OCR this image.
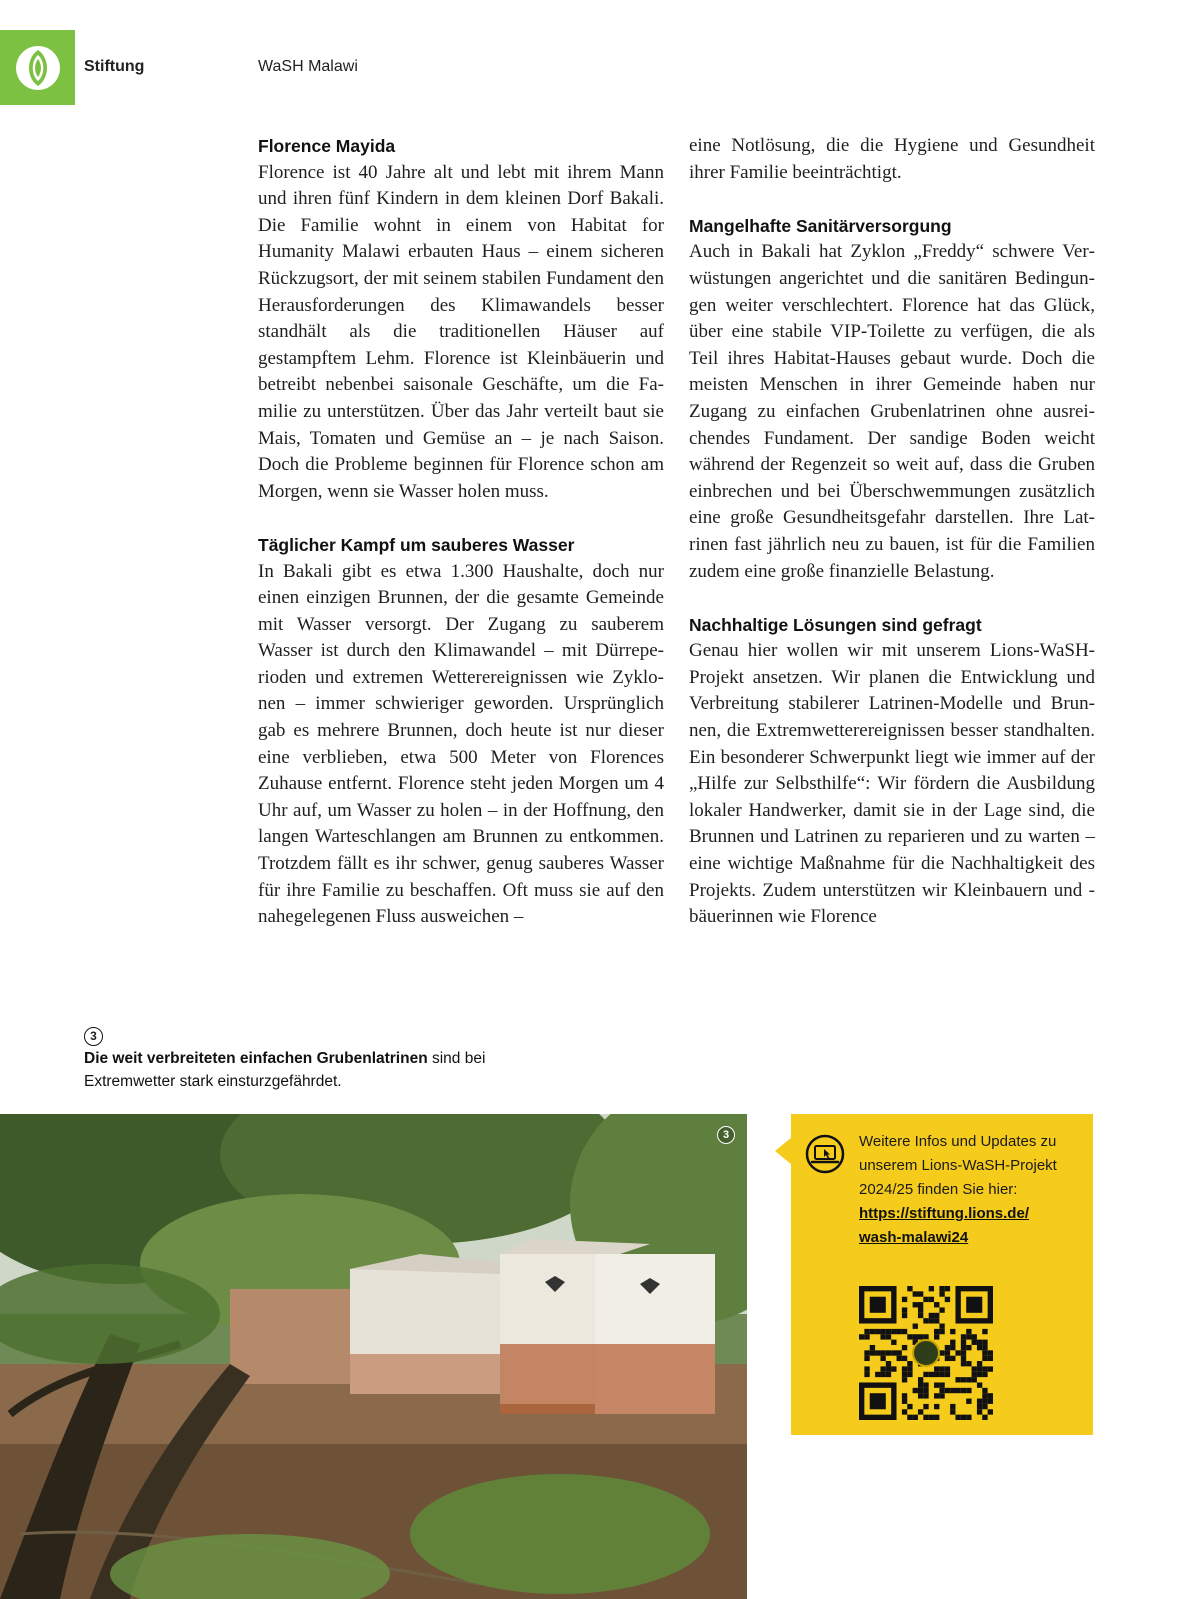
Stiftung	WaSH Malawi
Florence Mayida

Florence ist 40 Jahre alt und lebt mit ihrem Mann und ihren fünf Kindern in dem kleinen Dorf Bakali. Die Familie wohnt in einem von Habitat for Humanity Malawi erbauten Haus – einem sicheren Rückzugsort, der mit seinem stabilen Fundament den Herausforderungen des Klimawandels besser standhält als die traditionellen Häuser auf gestampftem Lehm. Florence ist Kleinbäuerin und betreibt nebenbei saisonale Geschäfte, um die Familie zu unterstützen. Über das Jahr verteilt baut sie Mais, Tomaten und Gemüse an – je nach Saison. Doch die Probleme beginnen für Florence schon am Morgen, wenn sie Wasser holen muss.

Täglicher Kampf um sauberes Wasser

In Bakali gibt es etwa 1.300 Haushalte, doch nur einen einzigen Brunnen, der die gesamte Gemeinde mit Wasser versorgt. Der Zugang zu sauberem Wasser ist durch den Klimawandel – mit Dürreperioden und extremen Wetterereignissen wie Zyklonen – immer schwieriger geworden. Ursprünglich gab es mehrere Brunnen, doch heute ist nur dieser eine verblieben, etwa 500 Meter von Florences Zuhause entfernt. Florence steht jeden Morgen um 4 Uhr auf, um Wasser zu holen – in der Hoffnung, den langen Warteschlangen am Brunnen zu entkommen. Trotzdem fällt es ihr schwer, genug sauberes Wasser für ihre Familie zu beschaffen. Oft muss sie auf den nahegelegenen Fluss ausweichen –

eine Notlösung, die die Hygiene und Gesundheit ihrer Familie beeinträchtigt.

Mangelhafte Sanitärversorgung

Auch in Bakali hat Zyklon „Freddy“ schwere Verwüstungen angerichtet und die sanitären Bedingungen weiter verschlechtert. Florence hat das Glück, über eine stabile VIP-Toilette zu verfügen, die als Teil ihres Habitat-Hauses gebaut wurde. Doch die meisten Menschen in ihrer Gemeinde haben nur Zugang zu einfachen Grubenlatrinen ohne ausreichendes Fundament. Der sandige Boden weicht während der Regenzeit so weit auf, dass die Gruben einbrechen und bei Überschwemmungen zusätzlich eine große Gesundheitsgefahr darstellen. Ihre Latrinen fast jährlich neu zu bauen, ist für die Familien zudem eine große finanzielle Belastung.

Nachhaltige Lösungen sind gefragt

Genau hier wollen wir mit unserem Lions-WaSH-Projekt ansetzen. Wir planen die Entwicklung und Verbreitung stabilerer Latrinen-Modelle und Brunnen, die Extremwetterereignissen besser standhalten. Ein besonderer Schwerpunkt liegt wie immer auf der „Hilfe zur Selbsthilfe“: Wir fördern die Ausbildung lokaler Handwerker, damit sie in der Lage sind, die Brunnen und Latrinen zu reparieren und zu warten – eine wichtige Maßnahme für die Nachhaltigkeit des Projekts. Zudem unterstützen wir Kleinbauern und -bäuerinnen wie Florence

3
Die weit verbreiteten einfachen Grubenlatrinen sind bei Extremwetter stark einsturzgefährdet.
3	Weitere Infos und Updates zu unserem Lions-WaSH-Projekt 2024/25 finden Sie hier:
https://stiftung.lions.de/
wash-malawi24
